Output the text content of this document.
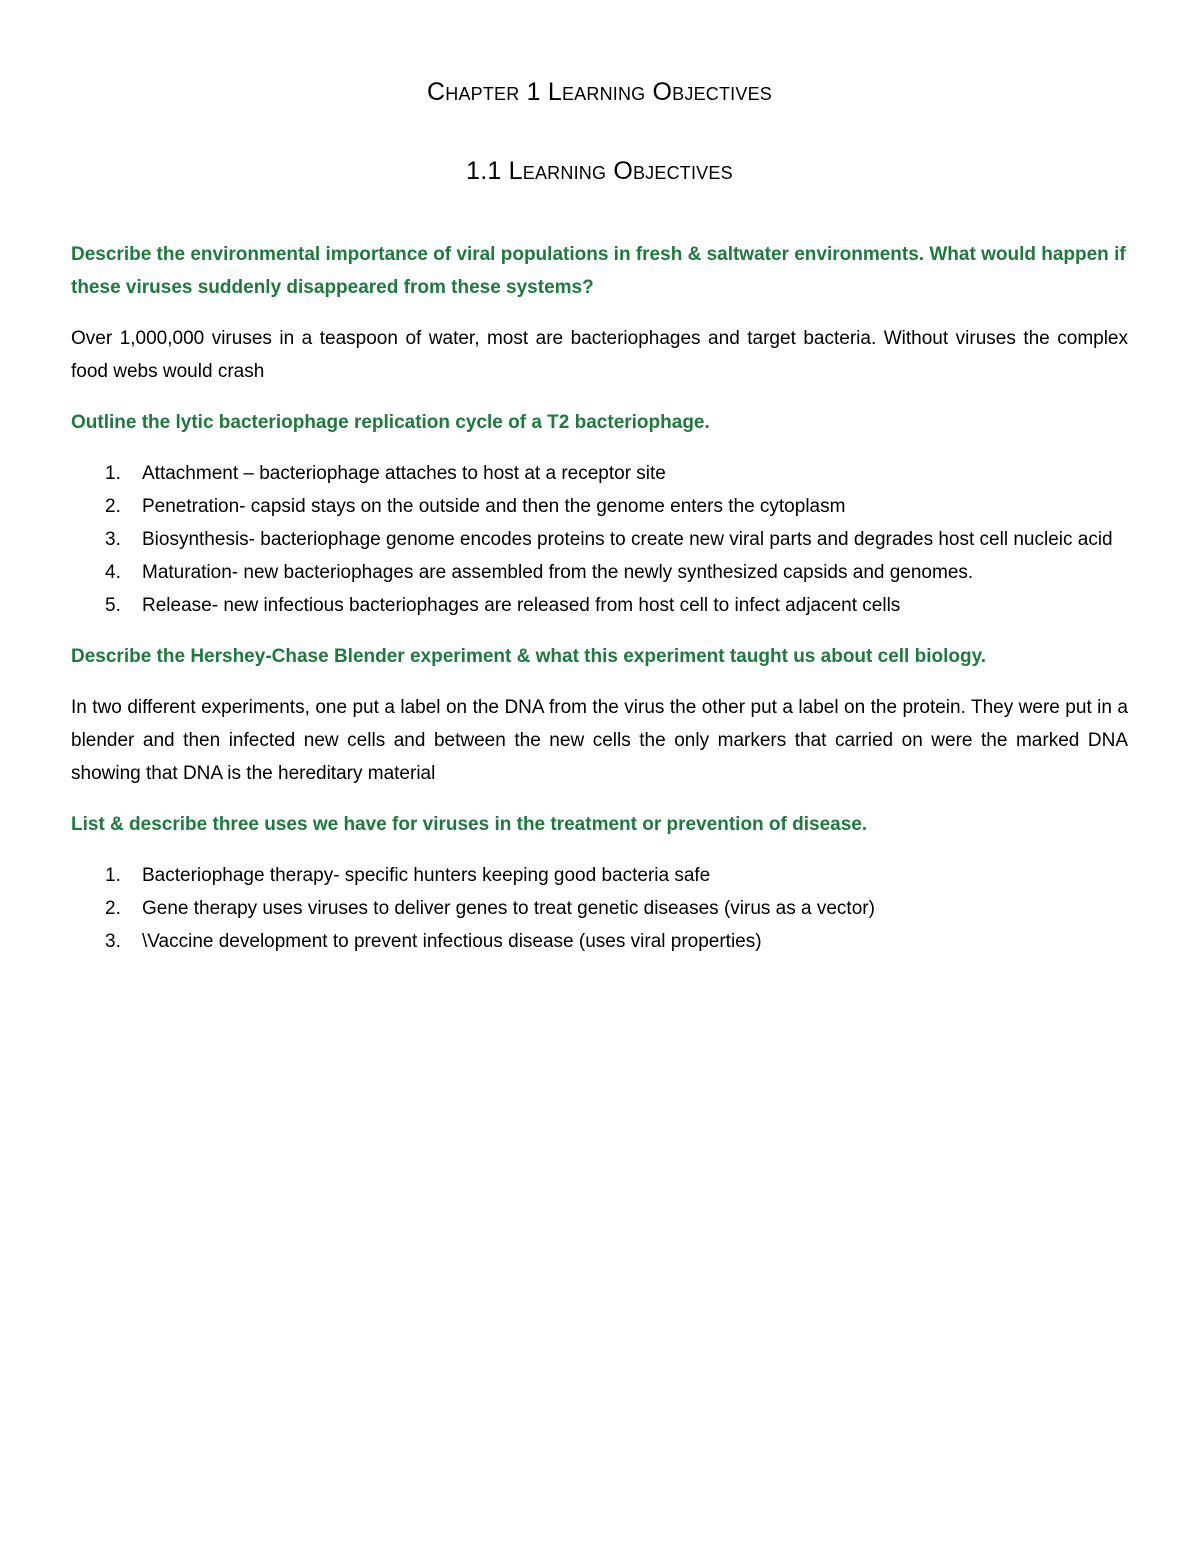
Chapter 1 Learning Objectives
1.1 Learning Objectives

Describe the environmental importance of viral populations in fresh & saltwater environments. What would happen if these viruses suddenly disappeared from these systems?

Over 1,000,000 viruses in a teaspoon of water, most are bacteriophages and target bacteria. Without viruses the complex food webs would crash

Outline the lytic bacteriophage replication cycle of a T2 bacteriophage.

1.	Attachment – bacteriophage attaches to host at a receptor site
2.	Penetration- capsid stays on the outside and then the genome enters the cytoplasm
3.	Biosynthesis- bacteriophage genome encodes proteins to create new viral parts and degrades host cell nucleic acid
4.	Maturation- new bacteriophages are assembled from the newly synthesized capsids and genomes.
5.	Release- new infectious bacteriophages are released from host cell to infect adjacent cells

Describe the Hershey-Chase Blender experiment & what this experiment taught us about cell biology.

In two different experiments, one put a label on the DNA from the virus the other put a label on the protein. They were put in a blender and then infected new cells and between the new cells the only markers that carried on were the marked DNA showing that DNA is the hereditary material

List & describe three uses we have for viruses in the treatment or prevention of disease.

1.	Bacteriophage therapy- specific hunters keeping good bacteria safe
2.	Gene therapy uses viruses to deliver genes to treat genetic diseases (virus as a vector)
3.	\Vaccine development to prevent infectious disease (uses viral properties)
